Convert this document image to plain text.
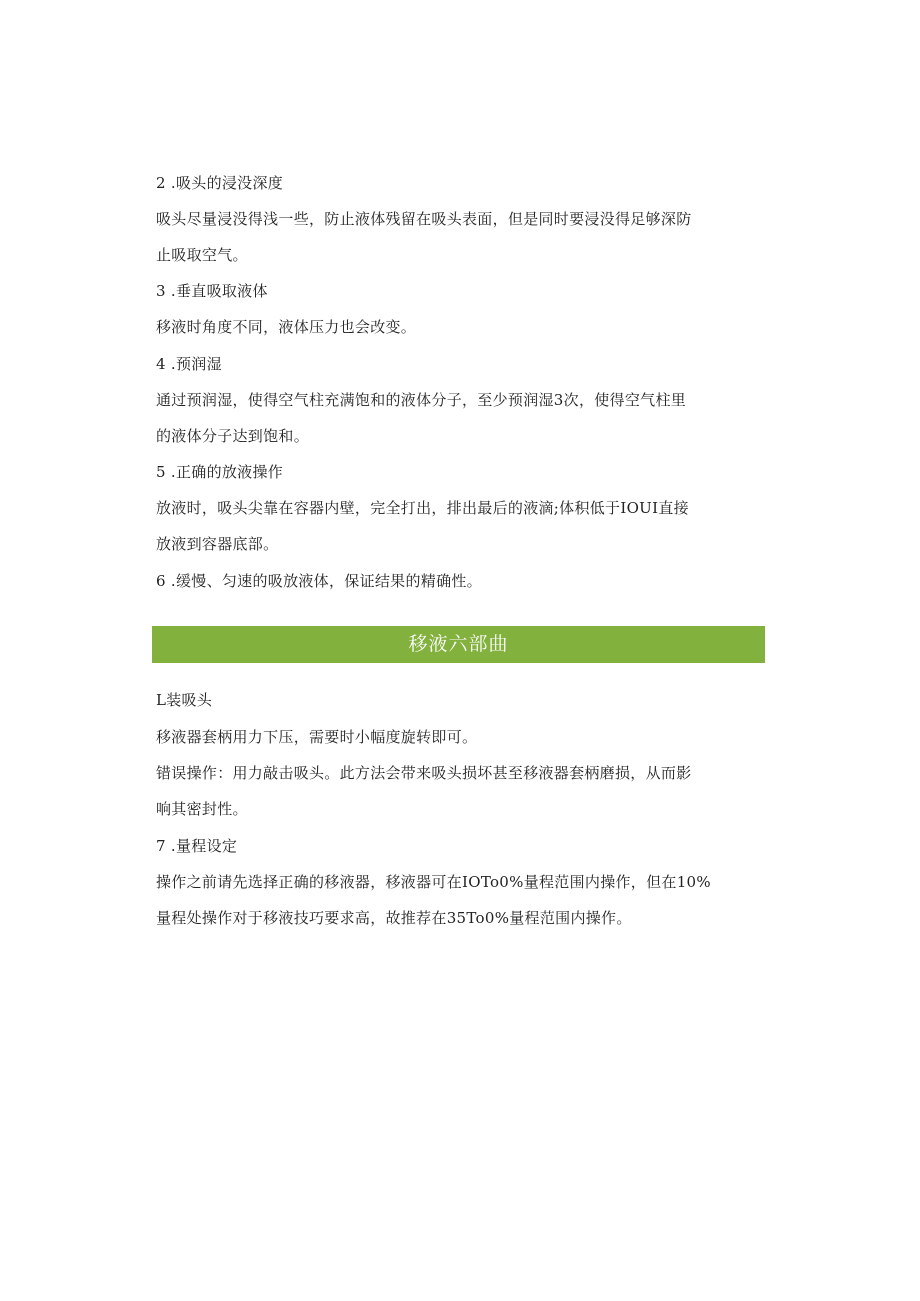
2 .吸头的浸没深度
吸头尽量浸没得浅一些，防止液体残留在吸头表面，但是同时要浸没得足够深防
止吸取空气。
3 .垂直吸取液体
移液时角度不同，液体压力也会改变。
4 .预润湿
通过预润湿，使得空气柱充满饱和的液体分子，至少预润湿3次，使得空气柱里
的液体分子达到饱和。
5 .正确的放液操作
放液时，吸头尖靠在容器内壁，完全打出，排出最后的液滴;体积低于IOUI直接
放液到容器底部。
6 .缓慢、匀速的吸放液体，保证结果的精确性。
移液六部曲
L装吸头
移液器套柄用力下压，需要时小幅度旋转即可。
错误操作：用力敲击吸头。此方法会带来吸头损坏甚至移液器套柄磨损，从而影
响其密封性。
7 .量程设定
操作之前请先选择正确的移液器，移液器可在IOTo0%量程范围内操作，但在10%
量程处操作对于移液技巧要求高，故推荐在35To0%量程范围内操作。
